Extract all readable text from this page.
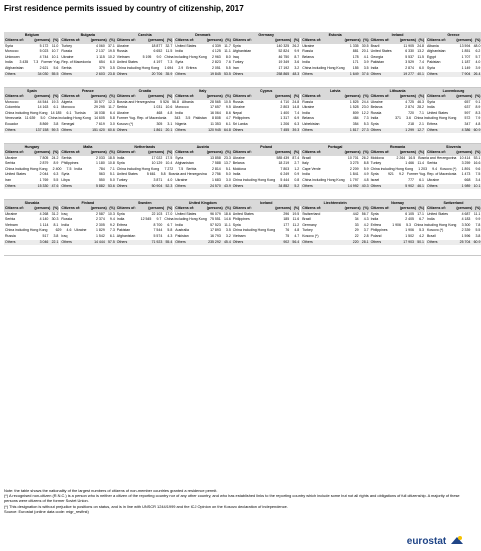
First residence permits issued by country of citizenship, 2017
Belgium	Bulgaria
Citizens of:	(persons) (%) Citizens of:	(persons) (%)
Syria	5 172 11.0 Turkey	4 060 37.1
Morocco	5 023 10.7 Russia	2 137 19.5
Unknown	4 744 10.1 Ukraine	1 115 10.2
India	3 435	7.3 Former Yug. Rep. of Macedonia	654	6.0
Afghanistan	2 621	5.6 Serbia	379	3.5
Others	34 030 55.5 Others	2 603 23.8
Czechia	Denmark
Citizens of:	(persons) (%) Citizens of:	(persons) (%)
Ukraine	18 877 32.7 United States	4 339 11.7
Russia	6 652 11.5 India	4 125 11.1
Vietnam	5 195	9.0 China including Hong Kong	2 963	8.0
United States	4 197	7.3 Syria	2 823	7.6
China including Hong Kong	1 694	2.9 Eritrea	2 051	5.5
Others	20 706 35.9 Others	19 845 53.5
Germany	Estonia
Citizens of:	(persons) (%) Citizens of:	(persons) (%)
Syria	140 325 26.2 Ukraine	1 335 30.5
Afghanistan	52 824	9.9 Russia	881 20.1
Iraq	46 750	8.7 Belarus	178	4.1
Turkey	19 349	3.6 India	171	3.9
Iran	17 192	3.2 China including Hong Kong	155	3.5
Others	258 865 48.3 Others	1 649 37.6
Ireland	Greece
Citizens of:	(persons) (%) Citizens of:	(persons) (%)
Brazil	11 905 24.8 Albania	13 594 48.0
United States	6 330 13.2 Afghanistan	1 851	6.2
Georgia	5 537 11.5 Egypt	1 707	5.7
Pakistan	3 529	7.4 Pakistan	1 187	4.0
India	2 874	6.0 Syria	1 149	3.9
Others	19 277 40.1 Others	7 904 26.4
Spain	France
Citizens of:	(persons) (%) Citizens of:	(persons) (%)
Morocco	44 544 19.3 Algeria	30 577 12.3
Colombia	14 163	6.1 Morocco	29 295 11.7
China including Hong Kong 14 185	6.1 Tunisia	16 038	6.4
Venezuela	11 639	5.0 China including Hong Kong 14 605	5.8
Ecuador	8 869	3.8 Senegal	7 619	3.0
Others	137 158 59.3 Others	151 420 60.6
Croatia	Italy
Citizens of:	(persons) (%) Citizens of:	(persons) (%)
Bosnia and Herzegovina	5 526 56.8 Albania	28 565 10.5
Serbia	1 031 10.6 Morocco	17 657	9.5
Ukraine	468	4.8 India	16 064	8.6
Former Yug. Rep. of Macedonia	343	3.5 Pakistan	8 808	4.7
Kosovo (*)	305	3.1 Nigeria	11 353	6.1
Others	1 861 20.1 Others	120 945 64.8
Cyprus	Latvia
Citizens of:	(persons) (%) Citizens of:	(persons) (%)
Russia	4 710 24.8 Russia	1 825 24.4
Ukraine	2 803 14.8 Ukraine	1 528 23.0
Nepal	1 400	7.4 India	809 12.2
Philippines	1 317	6.9 Belarus	484	7.3
Sri Lanka	1 206	6.3 Uzbekistan	354	5.3
Others	7 455 39.3 Others	1 817 27.3
Lithuania	Luxembourg
Citizens of:	(persons) (%) Citizens of:	(persons) (%)
Ukraine	4 725 46.3 Syria	657	9.1
Belarus	2 874 28.2 India	637	8.9
Russia	720	7.1 United States	597	8.3
India	371	3.6 China including Hong Kong	572	7.9
Syria	218	2.1 Eritrea	347	4.8
Others	1 299 12.7 Others	4 386 60.9
Hungary	Malta
Citizens of:	(persons) (%) Citizens of:	(persons) (%)
Ukraine	7 805 24.2 Serbia	2 033 18.5
Serbia	2 879	8.9 Philippines	1 180 10.8
China including Hong Kong	2 400	7.5 India	784	7.1
United States	2 044	6.3 Syria	563	5.1
Iran	1 769	5.5 Libya	550	5.0
Others	15 330 47.6 Others	5 882 53.6
Netherlands	Austria
Citizens of:	(persons) (%) Citizens of:	(persons) (%)
India	17 022 17.5 Syria	13 858 23.3
Syria	10 129 10.4 Afghanistan	7 588 13.7
China including Hong Kong	7 272	7.5 Serbia	2 814	5.1
United States	5 661	5.8 Bosnia and Herzegovina	2 756	5.0
Turkey	3 871	4.0 Ukraine	1 683	3.0
Others	50 904 52.3 Others	24 570 43.9
Poland	Portugal
Citizens of:	(persons) (%) Citizens of:	(persons) (%)
Ukraine	585 439 87.4 Brazil	10 701 26.2
Belarus	18 219	2.7 Italy	3 275	8.8
Moldova	7 803	1.2 Cape Verde	2 209	5.9
India	6 249	0.9 India	1 841	4.9
China including Hong Kong	5 444	0.8 China including Hong Kong	1 797	4.8
Others	34 852	5.2 Others	14 992 40.3
Romania	Slovenia
Citizens of:	(persons) (%) Citizens of:	(persons) (%)
Moldova	2 264 16.5 Bosnia and Herzegovina 10 414 53.1
Turkey	1 466 11.4 Serbia	3 259 16.6
China including Hong Kong	1 203	9.4 Kosovo (*)	1 891	9.6
Syria	921	9.2 Former Yug. Rep. of Macedonia	1 473	7.5
Israel	777	6.1 Ukraine	668	3.4
Others	5 902 46.1 Others	1 989 10.1
Slovakia	Finland
Citizens of:	(persons) (%) Citizens of:	(persons) (%)
Ukraine	4 268 31.2 Iraq	2 587 10.3
Serbia	4 140 30.3 Russia	2 374	9.4
Vietnam	1 114	8.1 India	2 305	9.2
China including Hong Kong	629	4.6 Ukraine	1 829	7.3
Russia	517	3.8 Iraq	1 542	6.1
Others	3 046 22.1 Others	14 444 57.5
Sweden	United Kingdom
Citizens of:	(persons) (%) Citizens of:	(persons) (%)
Syria	22 103 17.0 United States	96 079 18.6
India	12 545	9.7 China including Hong Kong 75 551 14.6
Eritrea	8 700	6.7 India	57 523 11.1
Pakistan	7 544	5.8 Australia	17 893	3.5
Afghanistan	5 574	4.3 Pakistan	16 793	3.2
Others	71 923 55.4 Others	235 292 45.4
Iceland	Liechtenstein
Citizens of:	(persons) (%) Citizens of:	(persons) (%)
United States	296 19.5 Switzerland	442 56.7
Philippines	185 11.6 Brazil	34	4.3
Syria	177 11.2 Germany	33	4.2
China including Hong Kong	76	4.8 Turkey	29	3.7
Vietnam	75	4.7 Kosovo (*)	22	2.8
Others	902 56.4 Others	220 28.1
Norway	Switzerland
Citizens of:	(persons) (%) Citizens of:	(persons) (%)
Syria	6 105 17.1 United States	4 687 11.1
India	2 405	6.7 India	4 183	9.9
Eritrea	1 906	5.3 China including Hong Kong	3 300	7.8
Philippines	1 906	5.3 Kosovo (*)	2 339	5.5
Poland	1 502	4.2 Brazil	1 596	3.8
Others	17 903 50.1 Others	25 704 60.9
Note: the table shows the nationality of the largest numbers of citizens of non-member countries granted a residence permit.
(*) A recognised non-citizen (R.N.C.) is a person who is neither a citizen of the reporting country nor of any other country, and who has established links to the reporting country which include some but not all rights and obligations of full citizenship. A majority of these persons were citizens of the former Soviet Union.
(*) This designation is without prejudice to positions on status, and is in line with UNSCR 1244/1999 and the ICJ Opinion on the Kosovo declaration of independence.
Source: Eurostat (online data code: migr_resfirst)
eurostat
